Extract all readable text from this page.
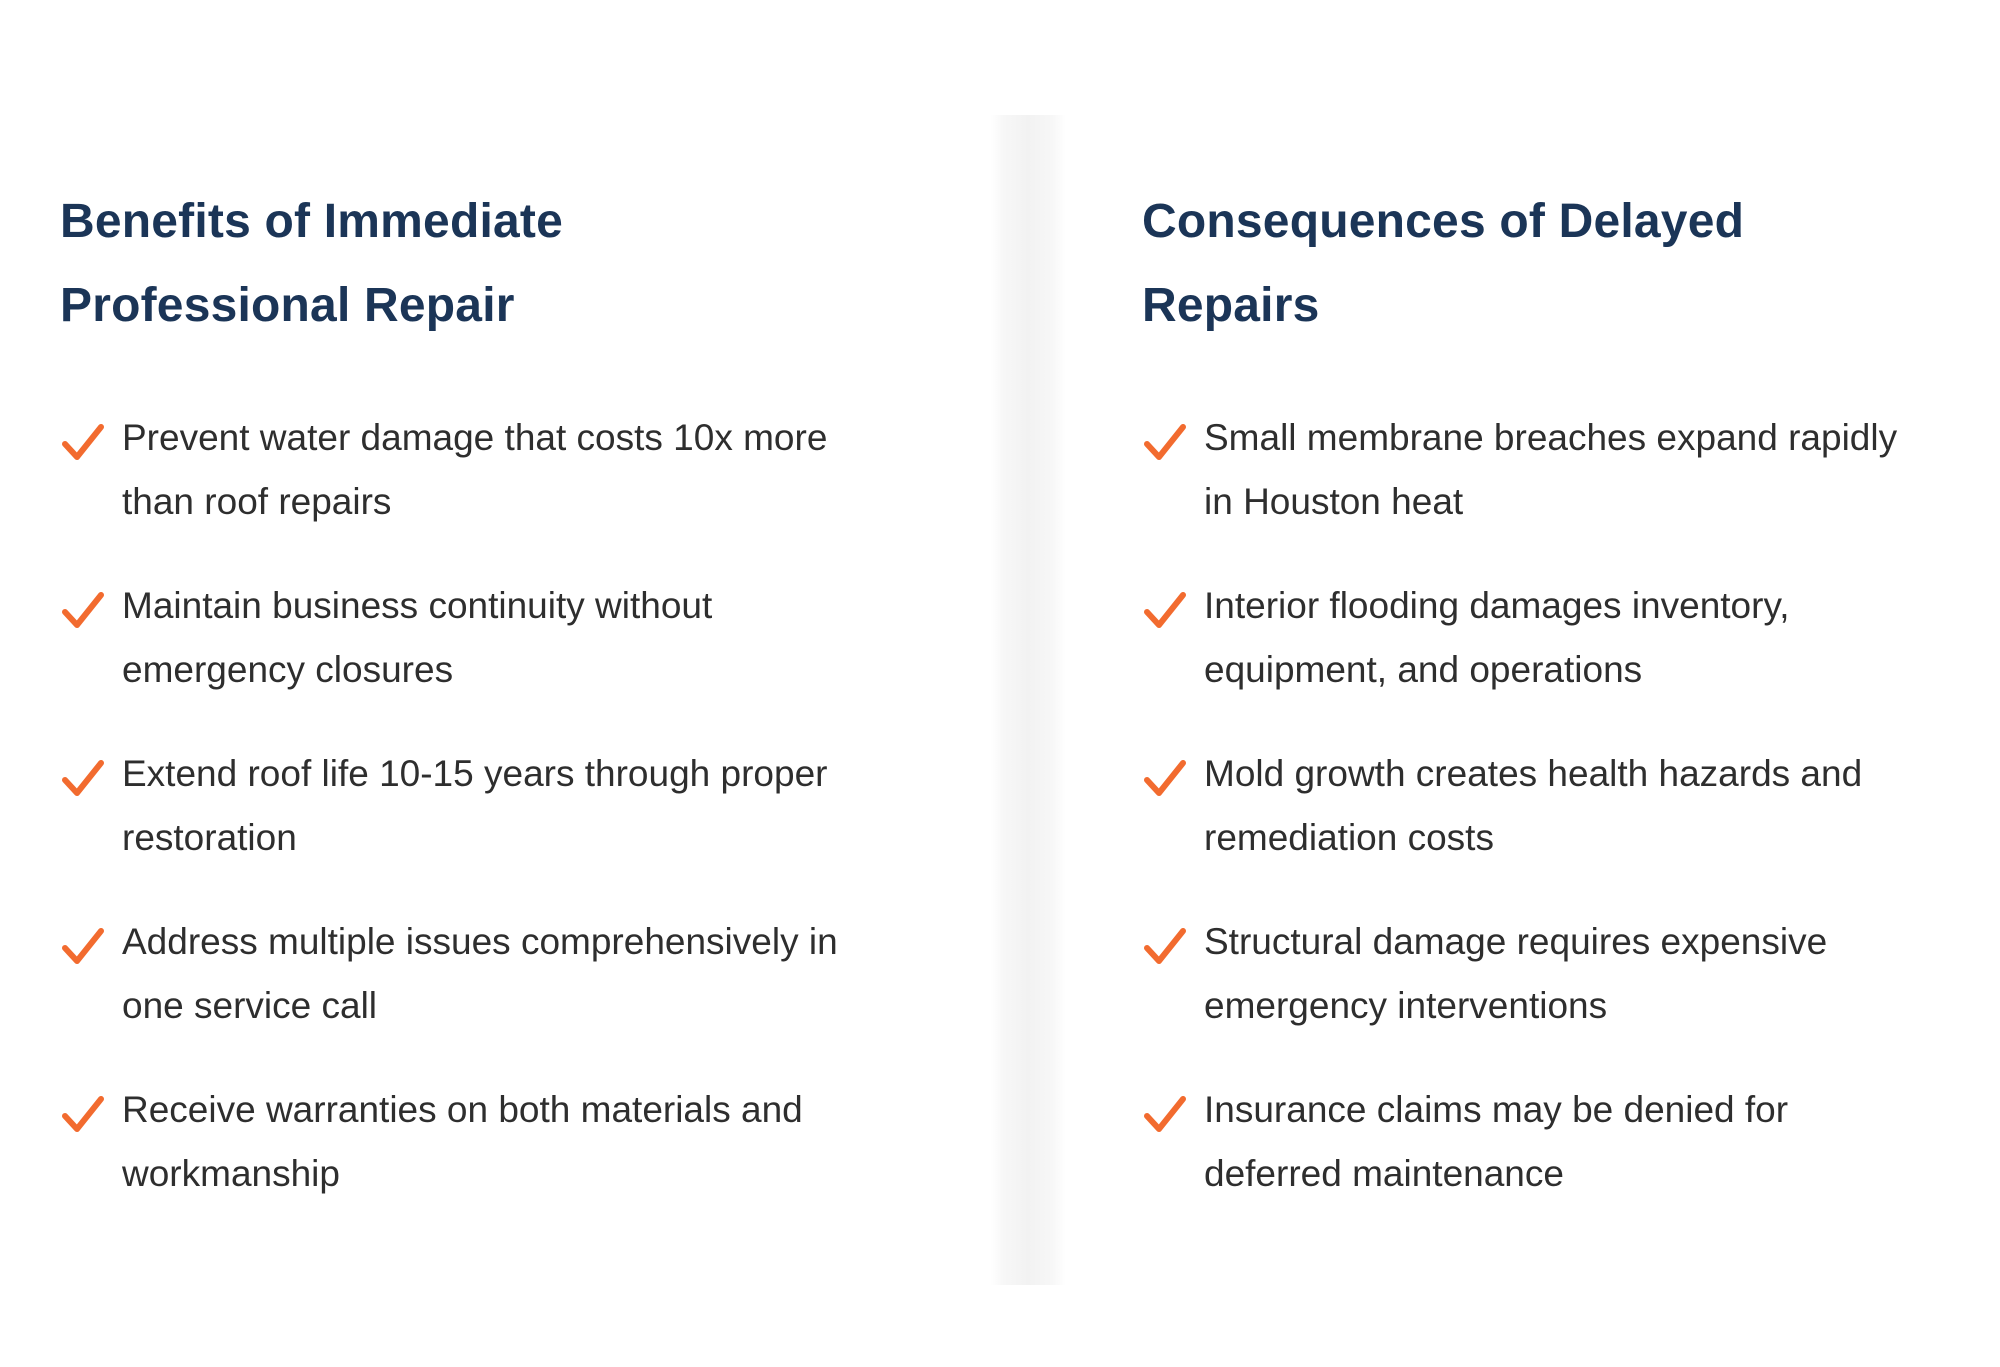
Benefits of Immediate
Professional Repair
Prevent water damage that costs 10x more
than roof repairs
Maintain business continuity without
emergency closures
Extend roof life 10-15 years through proper
restoration
Address multiple issues comprehensively in
one service call
Receive warranties on both materials and
workmanship
Consequences of Delayed
Repairs
Small membrane breaches expand rapidly
in Houston heat
Interior flooding damages inventory,
equipment, and operations
Mold growth creates health hazards and
remediation costs
Structural damage requires expensive
emergency interventions
Insurance claims may be denied for
deferred maintenance
